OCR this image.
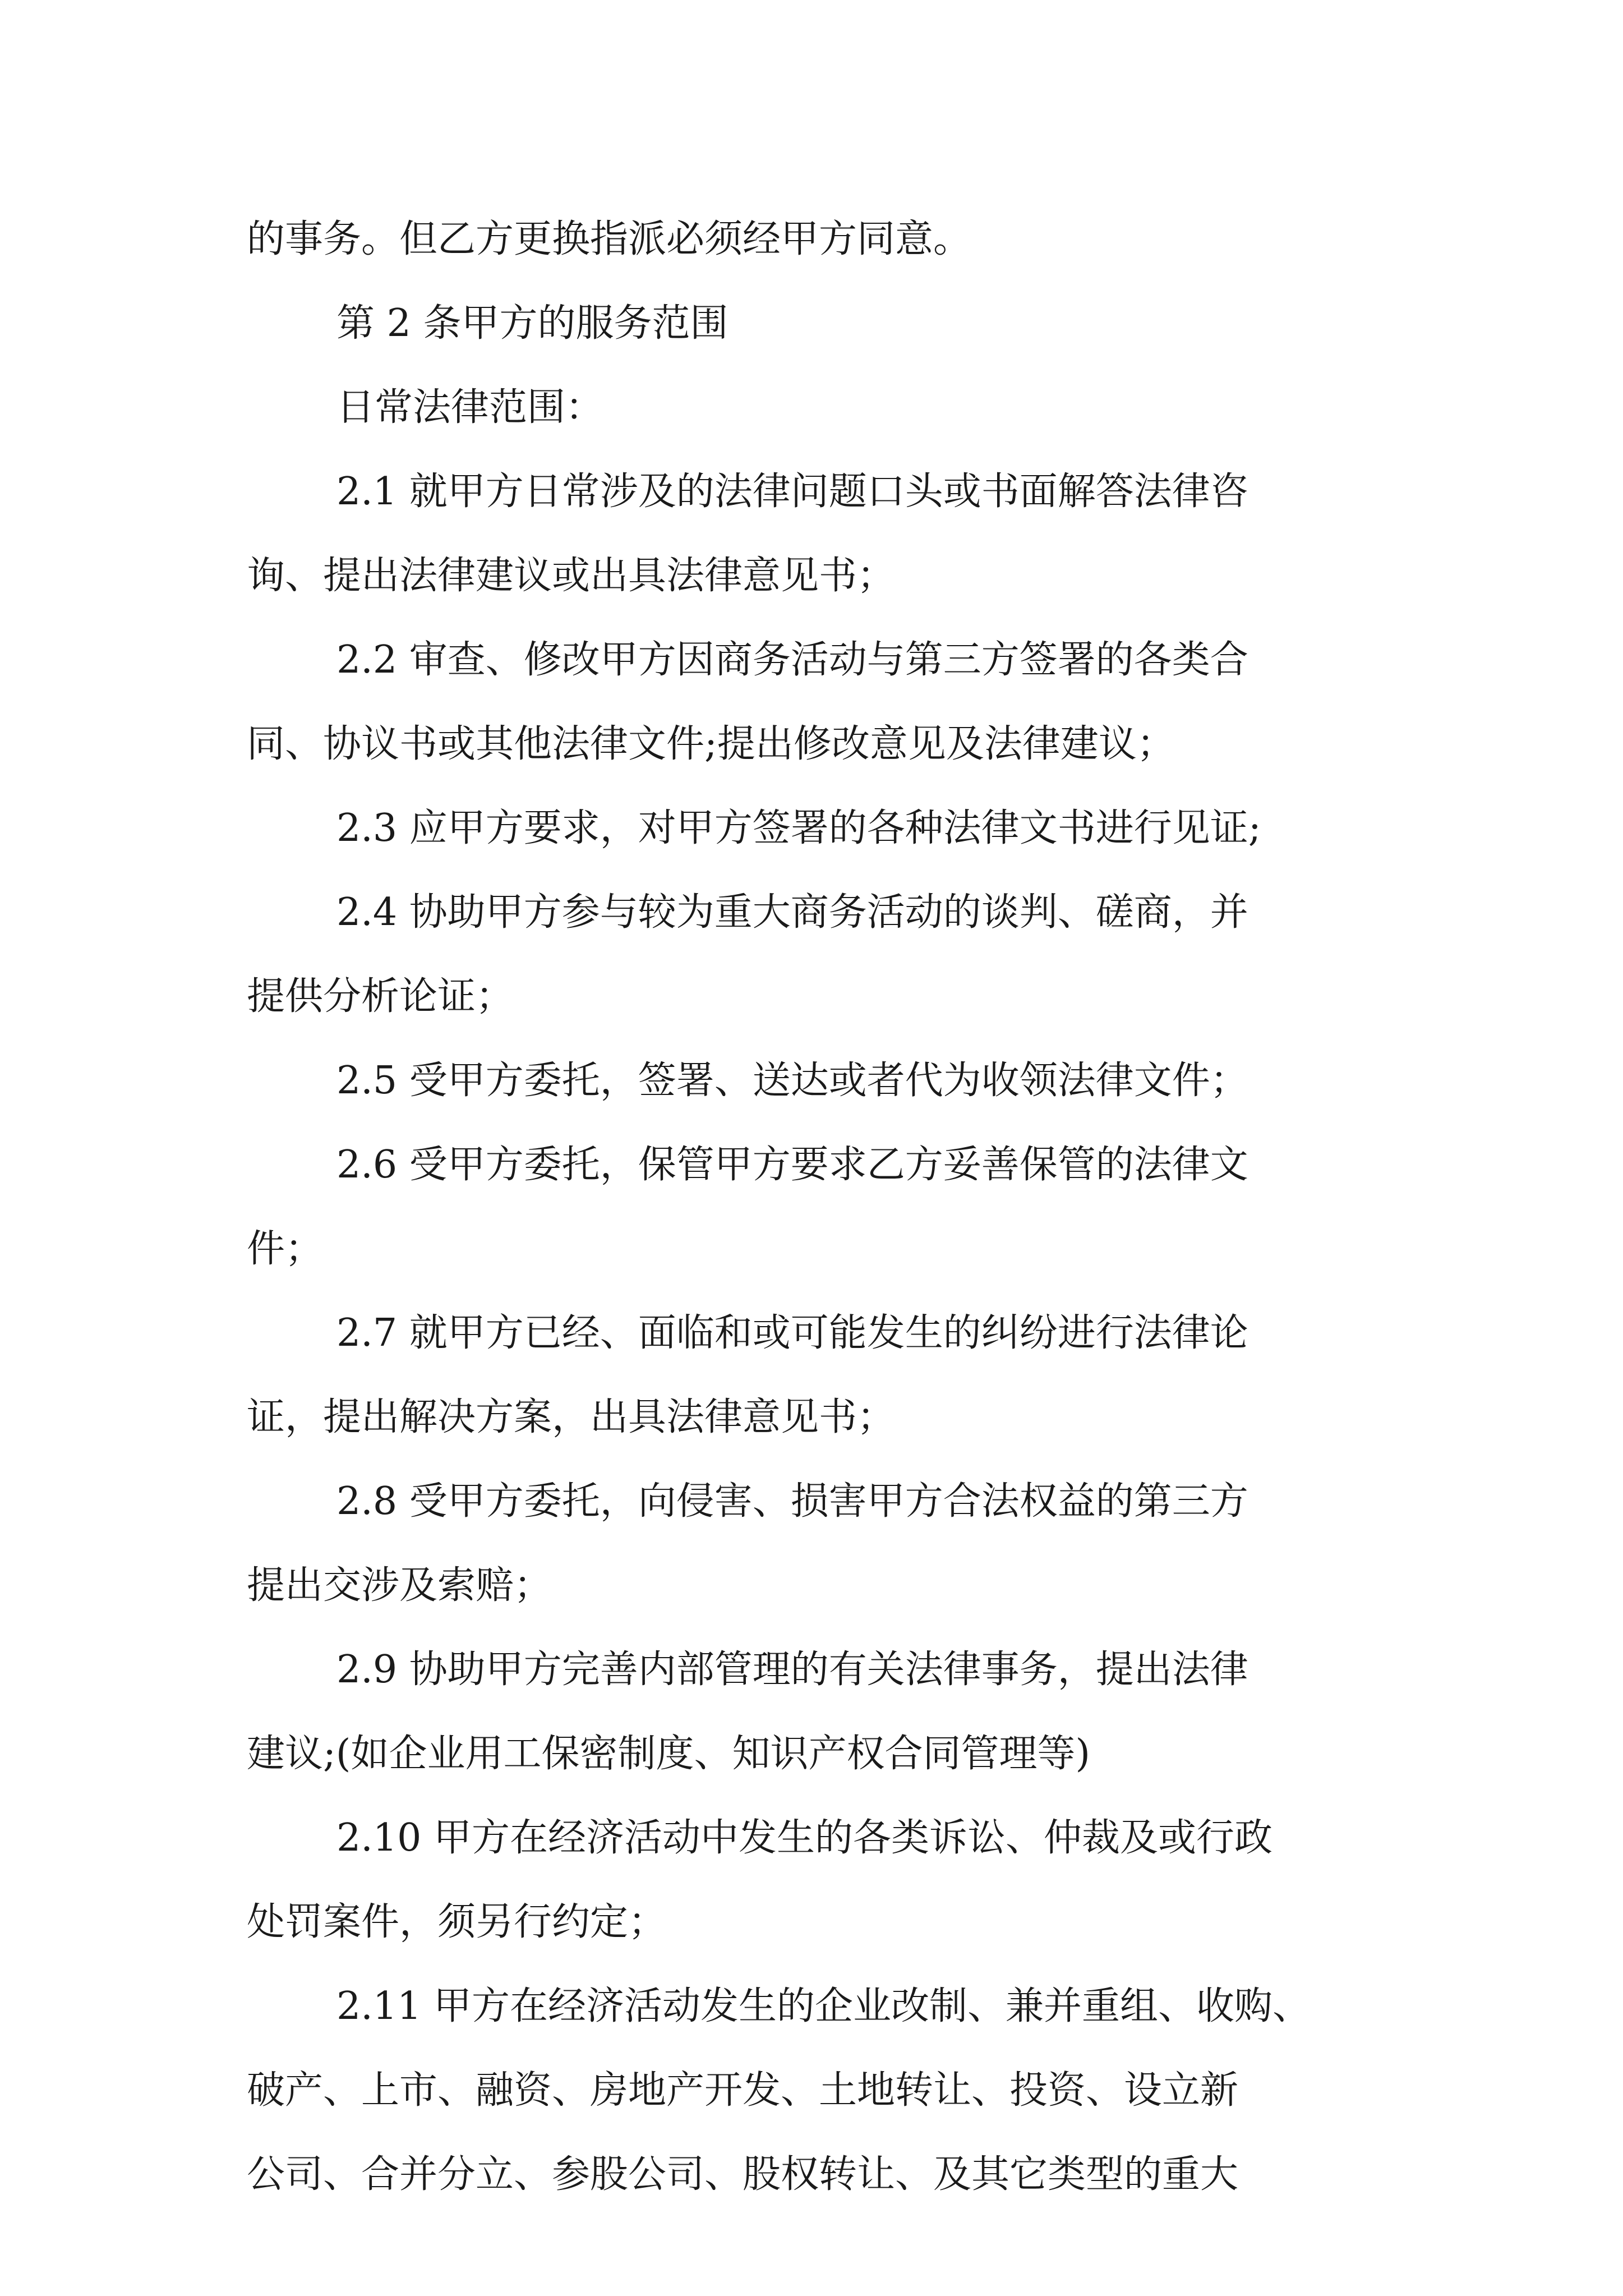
的事务。但乙方更换指派必须经甲方同意。
第 2 条甲方的服务范围
日常法律范围：
2.1 就甲方日常涉及的法律问题口头或书面解答法律咨
询、提出法律建议或出具法律意见书；
2.2 审查、修改甲方因商务活动与第三方签署的各类合
同、协议书或其他法律文件;提出修改意见及法律建议；
2.3 应甲方要求，对甲方签署的各种法律文书进行见证;
2.4 协助甲方参与较为重大商务活动的谈判、磋商，并
提供分析论证；
2.5 受甲方委托，签署、送达或者代为收领法律文件；
2.6 受甲方委托，保管甲方要求乙方妥善保管的法律文
件；
2.7 就甲方已经、面临和或可能发生的纠纷进行法律论
证，提出解决方案，出具法律意见书；
2.8 受甲方委托，向侵害、损害甲方合法权益的第三方
提出交涉及索赔；
2.9 协助甲方完善内部管理的有关法律事务，提出法律
建议;(如企业用工保密制度、知识产权合同管理等)
2.10 甲方在经济活动中发生的各类诉讼、仲裁及或行政
处罚案件，须另行约定；
2.11 甲方在经济活动发生的企业改制、兼并重组、收购、
破产、上市、融资、房地产开发、土地转让、投资、设立新
公司、合并分立、参股公司、股权转让、及其它类型的重大
